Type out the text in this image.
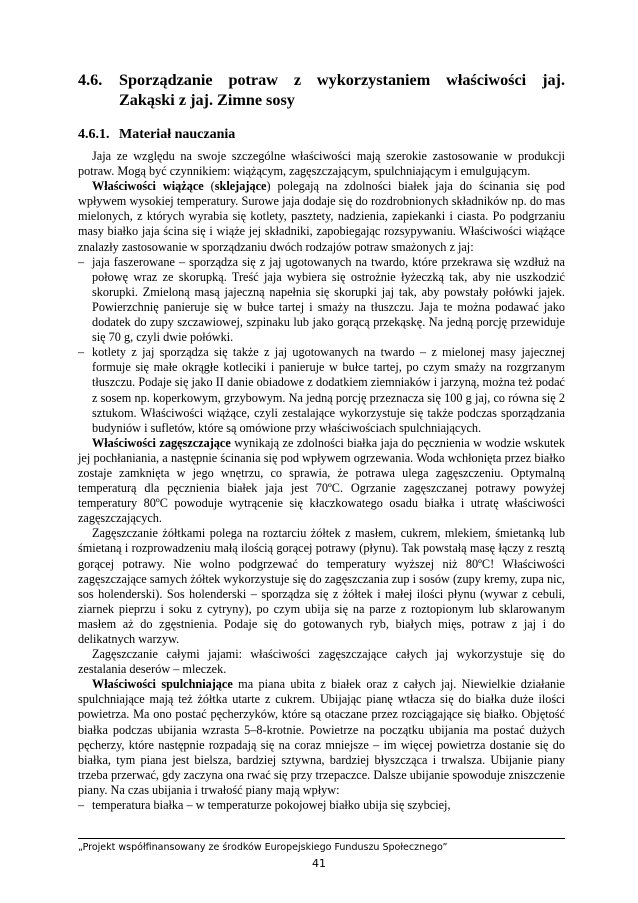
4.6.	Sporządzanie potraw z wykorzystaniem właściwości jaj. Zakąski z jaj. Zimne sosy
4.6.1. Materiał nauczania

Jaja ze względu na swoje szczególne właściwości mają szerokie zastosowanie w produkcji potraw. Mogą być czynnikiem: wiążącym, zagęszczającym, spulchniającym i emulgującym.

Właściwości wiążące (sklejające) polegają na zdolności białek jaja do ścinania się pod wpływem wysokiej temperatury. Surowe jaja dodaje się do rozdrobnionych składników np. do mas mielonych, z których wyrabia się kotlety, pasztety, nadzienia, zapiekanki i ciasta. Po podgrzaniu masy białko jaja ścina się i wiąże jej składniki, zapobiegając rozsypywaniu. Właściwości wiążące znalazły zastosowanie w sporządzaniu dwóch rodzajów potraw smażonych z jaj:

– jaja faszerowane – sporządza się z jaj ugotowanych na twardo, które przekrawa się wzdłuż na połowę wraz ze skorupką. Treść jaja wybiera się ostrożnie łyżeczką tak, aby nie uszkodzić skorupki. Zmieloną masą jajeczną napełnia się skorupki jaj tak, aby powstały połówki jajek. Powierzchnię panieruje się w bułce tartej i smaży na tłuszczu. Jaja te można podawać jako dodatek do zupy szczawiowej, szpinaku lub jako gorącą przekąskę. Na jedną porcję przewiduje się 70 g, czyli dwie połówki.

– kotlety z jaj sporządza się także z jaj ugotowanych na twardo – z mielonej masy jajecznej formuje się małe okrągłe kotleciki i panieruje w bułce tartej, po czym smaży na rozgrzanym tłuszczu. Podaje się jako II danie obiadowe z dodatkiem ziemniaków i jarzyną, można też podać z sosem np. koperkowym, grzybowym. Na jedną porcję przeznacza się 100 g jaj, co równa się 2 sztukom. Właściwości wiążące, czyli zestalające wykorzystuje się także podczas sporządzania budyniów i sufletów, które są omówione przy właściwościach spulchniających.

Właściwości zagęszczające wynikają ze zdolności białka jaja do pęcznienia w wodzie wskutek jej pochłaniania, a następnie ścinania się pod wpływem ogrzewania. Woda wchłonięta przez białko zostaje zamknięta w jego wnętrzu, co sprawia, że potrawa ulega zagęszczeniu. Optymalną temperaturą dla pęcznienia białek jaja jest 70ºC. Ogrzanie zagęszczanej potrawy powyżej temperatury 80ºC powoduje wytrącenie się kłaczkowatego osadu białka i utratę właściwości zagęszczających.

Zagęszczanie żółtkami polega na roztarciu żółtek z masłem, cukrem, mlekiem, śmietanką lub śmietaną i rozprowadzeniu małą ilością gorącej potrawy (płynu). Tak powstałą masę łączy z resztą gorącej potrawy. Nie wolno podgrzewać do temperatury wyższej niż 80ºC! Właściwości zagęszczające samych żółtek wykorzystuje się do zagęszczania zup i sosów (zupy kremy, zupa nic, sos holenderski). Sos holenderski – sporządza się z żółtek i małej ilości płynu (wywar z cebuli, ziarnek pieprzu i soku z cytryny), po czym ubija się na parze z roztopionym lub sklarowanym masłem aż do zgęstnienia. Podaje się do gotowanych ryb, białych mięs, potraw z jaj i do delikatnych warzyw.

Zagęszczanie całymi jajami: właściwości zagęszczające całych jaj wykorzystuje się do zestalania deserów – mleczek.

Właściwości spulchniające ma piana ubita z białek oraz z całych jaj. Niewielkie działanie spulchniające mają też żółtka utarte z cukrem. Ubijając pianę wtłacza się do białka duże ilości powietrza. Ma ono postać pęcherzyków, które są otaczane przez rozciągające się białko. Objętość białka podczas ubijania wzrasta 5–8-krotnie. Powietrze na początku ubijania ma postać dużych pęcherzy, które następnie rozpadają się na coraz mniejsze – im więcej powietrza dostanie się do białka, tym piana jest bielsza, bardziej sztywna, bardziej błyszcząca i trwalsza. Ubijanie piany trzeba przerwać, gdy zaczyna ona rwać się przy trzepaczce. Dalsze ubijanie spowoduje zniszczenie piany. Na czas ubijania i trwałość piany mają wpływ:

– temperatura białka – w temperaturze pokojowej białko ubija się szybciej,

„Projekt współfinansowany ze środków Europejskiego Funduszu Społecznego”
41
